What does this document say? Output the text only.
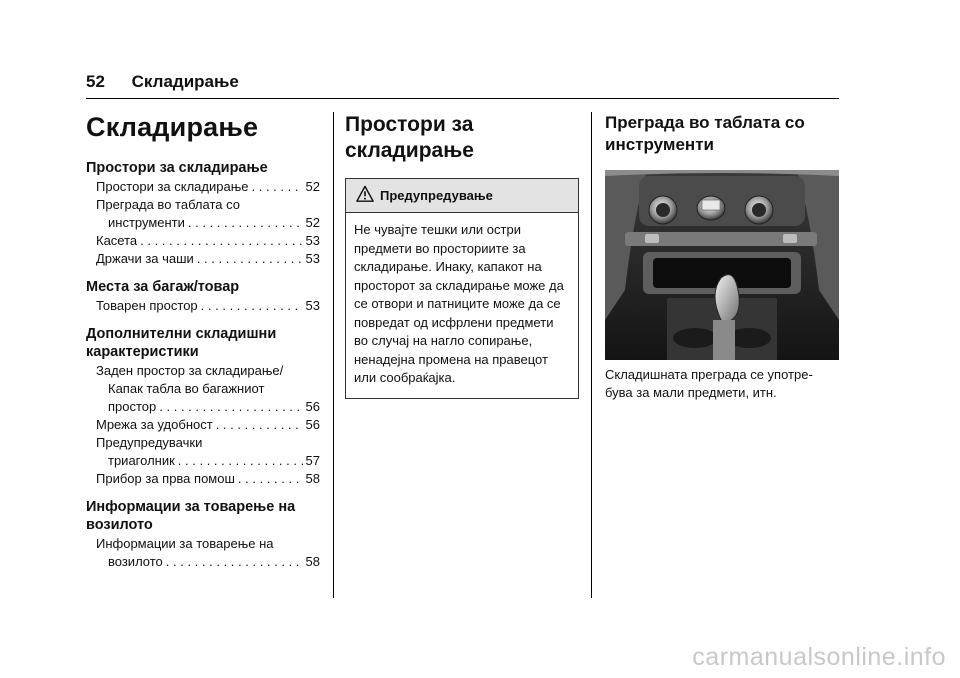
52 Складирање
Складирање
Простори за складирање
Простори за складирање . . .	52
Преграда во таблата со
инструменти . . .	52
Касета . . .	53
Држачи за чаши . . .	53
Места за багаж/товар
Товарен простор . . .	53
Дополнителни складишни карактеристики
Заден простор за складирање/
Капак табла во багажниот
простор . . .	56
Мрежа за удобност . . .	56
Предупредувачки
триаголник . . .	57
Прибор за прва помош . . .	58
Информации за товарење на возилото
Информации за товарење на
возилото . . .	58
Простори за складирање
Предупредување
Не чуваjте тешки или остри предмети во просториите за складирање. Инаку, капакот на просторот за складирање може да се отвори и патниците може да се повредат од исфрлени предмети во случаj на нагло сопирање, ненадеjна промена на правецот или сообраќаjка.
Преграда во таблата со инструменти
Складишната преграда се употре-бува за мали предмети, итн.
carmanualsonline.info
